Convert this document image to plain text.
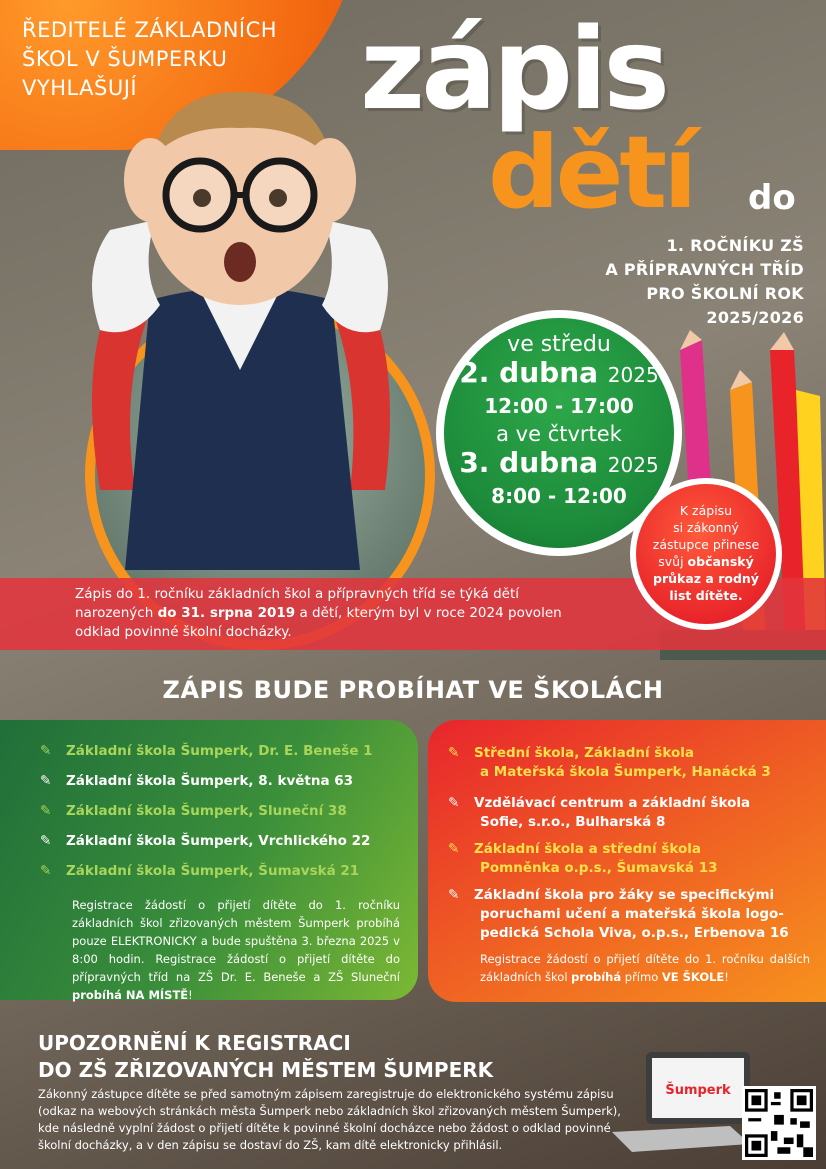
ŘEDITELÉ ZÁKLADNÍCH
ŠKOL V ŠUMPERKU
VYHLAŠUJÍ	zápis
dětí do
1. ROČNÍKU ZŠ
A PŘÍPRAVNÝCH TŘÍD
PRO ŠKOLNÍ ROK
2025/2026
ve středu
2. dubna 2025
12:00 - 17:00
a ve čtvrtek
3. dubna 2025
8:00 - 12:00
Zápis do 1. ročníku základních škol a přípravných tříd se týká dětí narozených do 31. srpna 2019 a dětí, kterým byl v roce 2024 povolen odklad povinné školní docházky.
K zápisu
si zákonný
zástupce přinese
svůj občanský
průkaz a rodný
list dítěte.
ZÁPIS BUDE PROBÍHAT VE ŠKOLÁCH
✎ Základní škola Šumperk, Dr. E. Beneše 1
✎ Základní škola Šumperk, 8. května 63
✎ Základní škola Šumperk, Sluneční 38
✎ Základní škola Šumperk, Vrchlického 22
✎ Základní škola Šumperk, Šumavská 21
Registrace žádostí o přijetí dítěte do 1. ročníku základních škol zřizovaných městem Šumperk probíhá pouze ELEKTRONICKY a bude spuštěna 3. března 2025 v 8:00 hodin. Registrace žádostí o přijetí dítěte do přípravných tříd na ZŠ Dr. E. Beneše a ZŠ Sluneční probíhá NA MÍSTĚ!
✎ Střední škola, Základní škola
a Mateřská škola Šumperk, Hanácká 3
✎ Vzdělávací centrum a základní škola
Sofie, s.r.o., Bulharská 8
✎ Základní škola a střední škola
Pomněnka o.p.s., Šumavská 13
✎ Základní škola pro žáky se specifickými
poruchami učení a mateřská škola logo-
pedická Schola Viva, o.p.s., Erbenova 16
Registrace žádostí o přijetí dítěte do 1. ročníku dalších základních škol probíhá přímo VE ŠKOLE!
UPOZORNĚNÍ K REGISTRACI
DO ZŠ ZŘIZOVANÝCH MĚSTEM ŠUMPERK
Zákonný zástupce dítěte se před samotným zápisem zaregistruje do elektronického systému zápisu (odkaz na webových stránkách města Šumperk nebo základních škol zřizovaných městem Šumperk), kde následně vyplní žádost o přijetí dítěte k povinné školní docházce nebo žádost o odklad povinné školní docházky, a v den zápisu se dostaví do ZŠ, kam dítě elektronicky přihlásil.
Šumperk
